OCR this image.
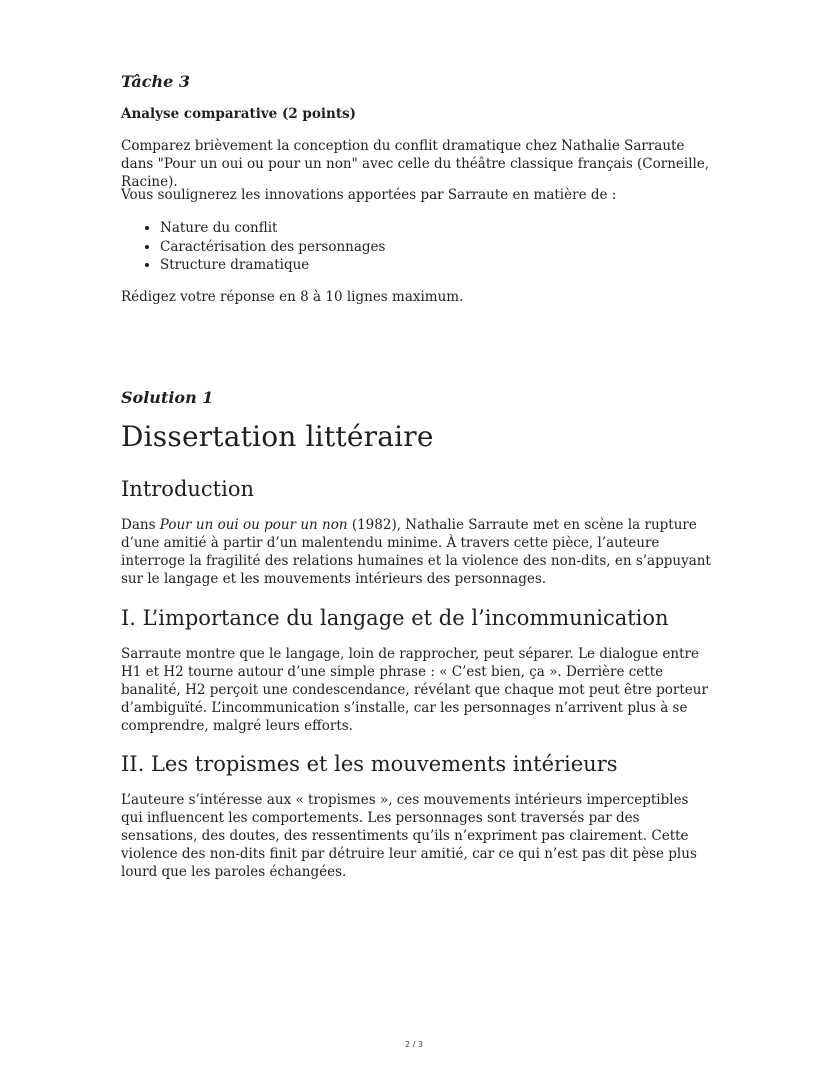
Tâche 3

Analyse comparative (2 points)

Comparez brièvement la conception du conflit dramatique chez Nathalie Sarraute dans "Pour un oui ou pour un non" avec celle du théâtre classique français (Corneille, Racine).

Vous soulignerez les innovations apportées par Sarraute en matière de :

• Nature du conflit
• Caractérisation des personnages
• Structure dramatique

Rédigez votre réponse en 8 à 10 lignes maximum.

Solution 1
Dissertation littéraire
Introduction

Dans Pour un oui ou pour un non (1982), Nathalie Sarraute met en scène la rupture d’une amitié à partir d’un malentendu minime. À travers cette pièce, l’auteure interroge la fragilité des relations humaines et la violence des non-dits, en s’appuyant sur le langage et les mouvements intérieurs des personnages.

I. L’importance du langage et de l’incommunication

Sarraute montre que le langage, loin de rapprocher, peut séparer. Le dialogue entre H1 et H2 tourne autour d’une simple phrase : « C’est bien, ça ». Derrière cette banalité, H2 perçoit une condescendance, révélant que chaque mot peut être porteur d’ambiguïté. L’incommunication s’installe, car les personnages n’arrivent plus à se comprendre, malgré leurs efforts.

II. Les tropismes et les mouvements intérieurs

L’auteure s’intéresse aux « tropismes », ces mouvements intérieurs imperceptibles qui influencent les comportements. Les personnages sont traversés par des sensations, des doutes, des ressentiments qu’ils n’expriment pas clairement. Cette violence des non-dits finit par détruire leur amitié, car ce qui n’est pas dit pèse plus lourd que les paroles échangées.

2 / 3
